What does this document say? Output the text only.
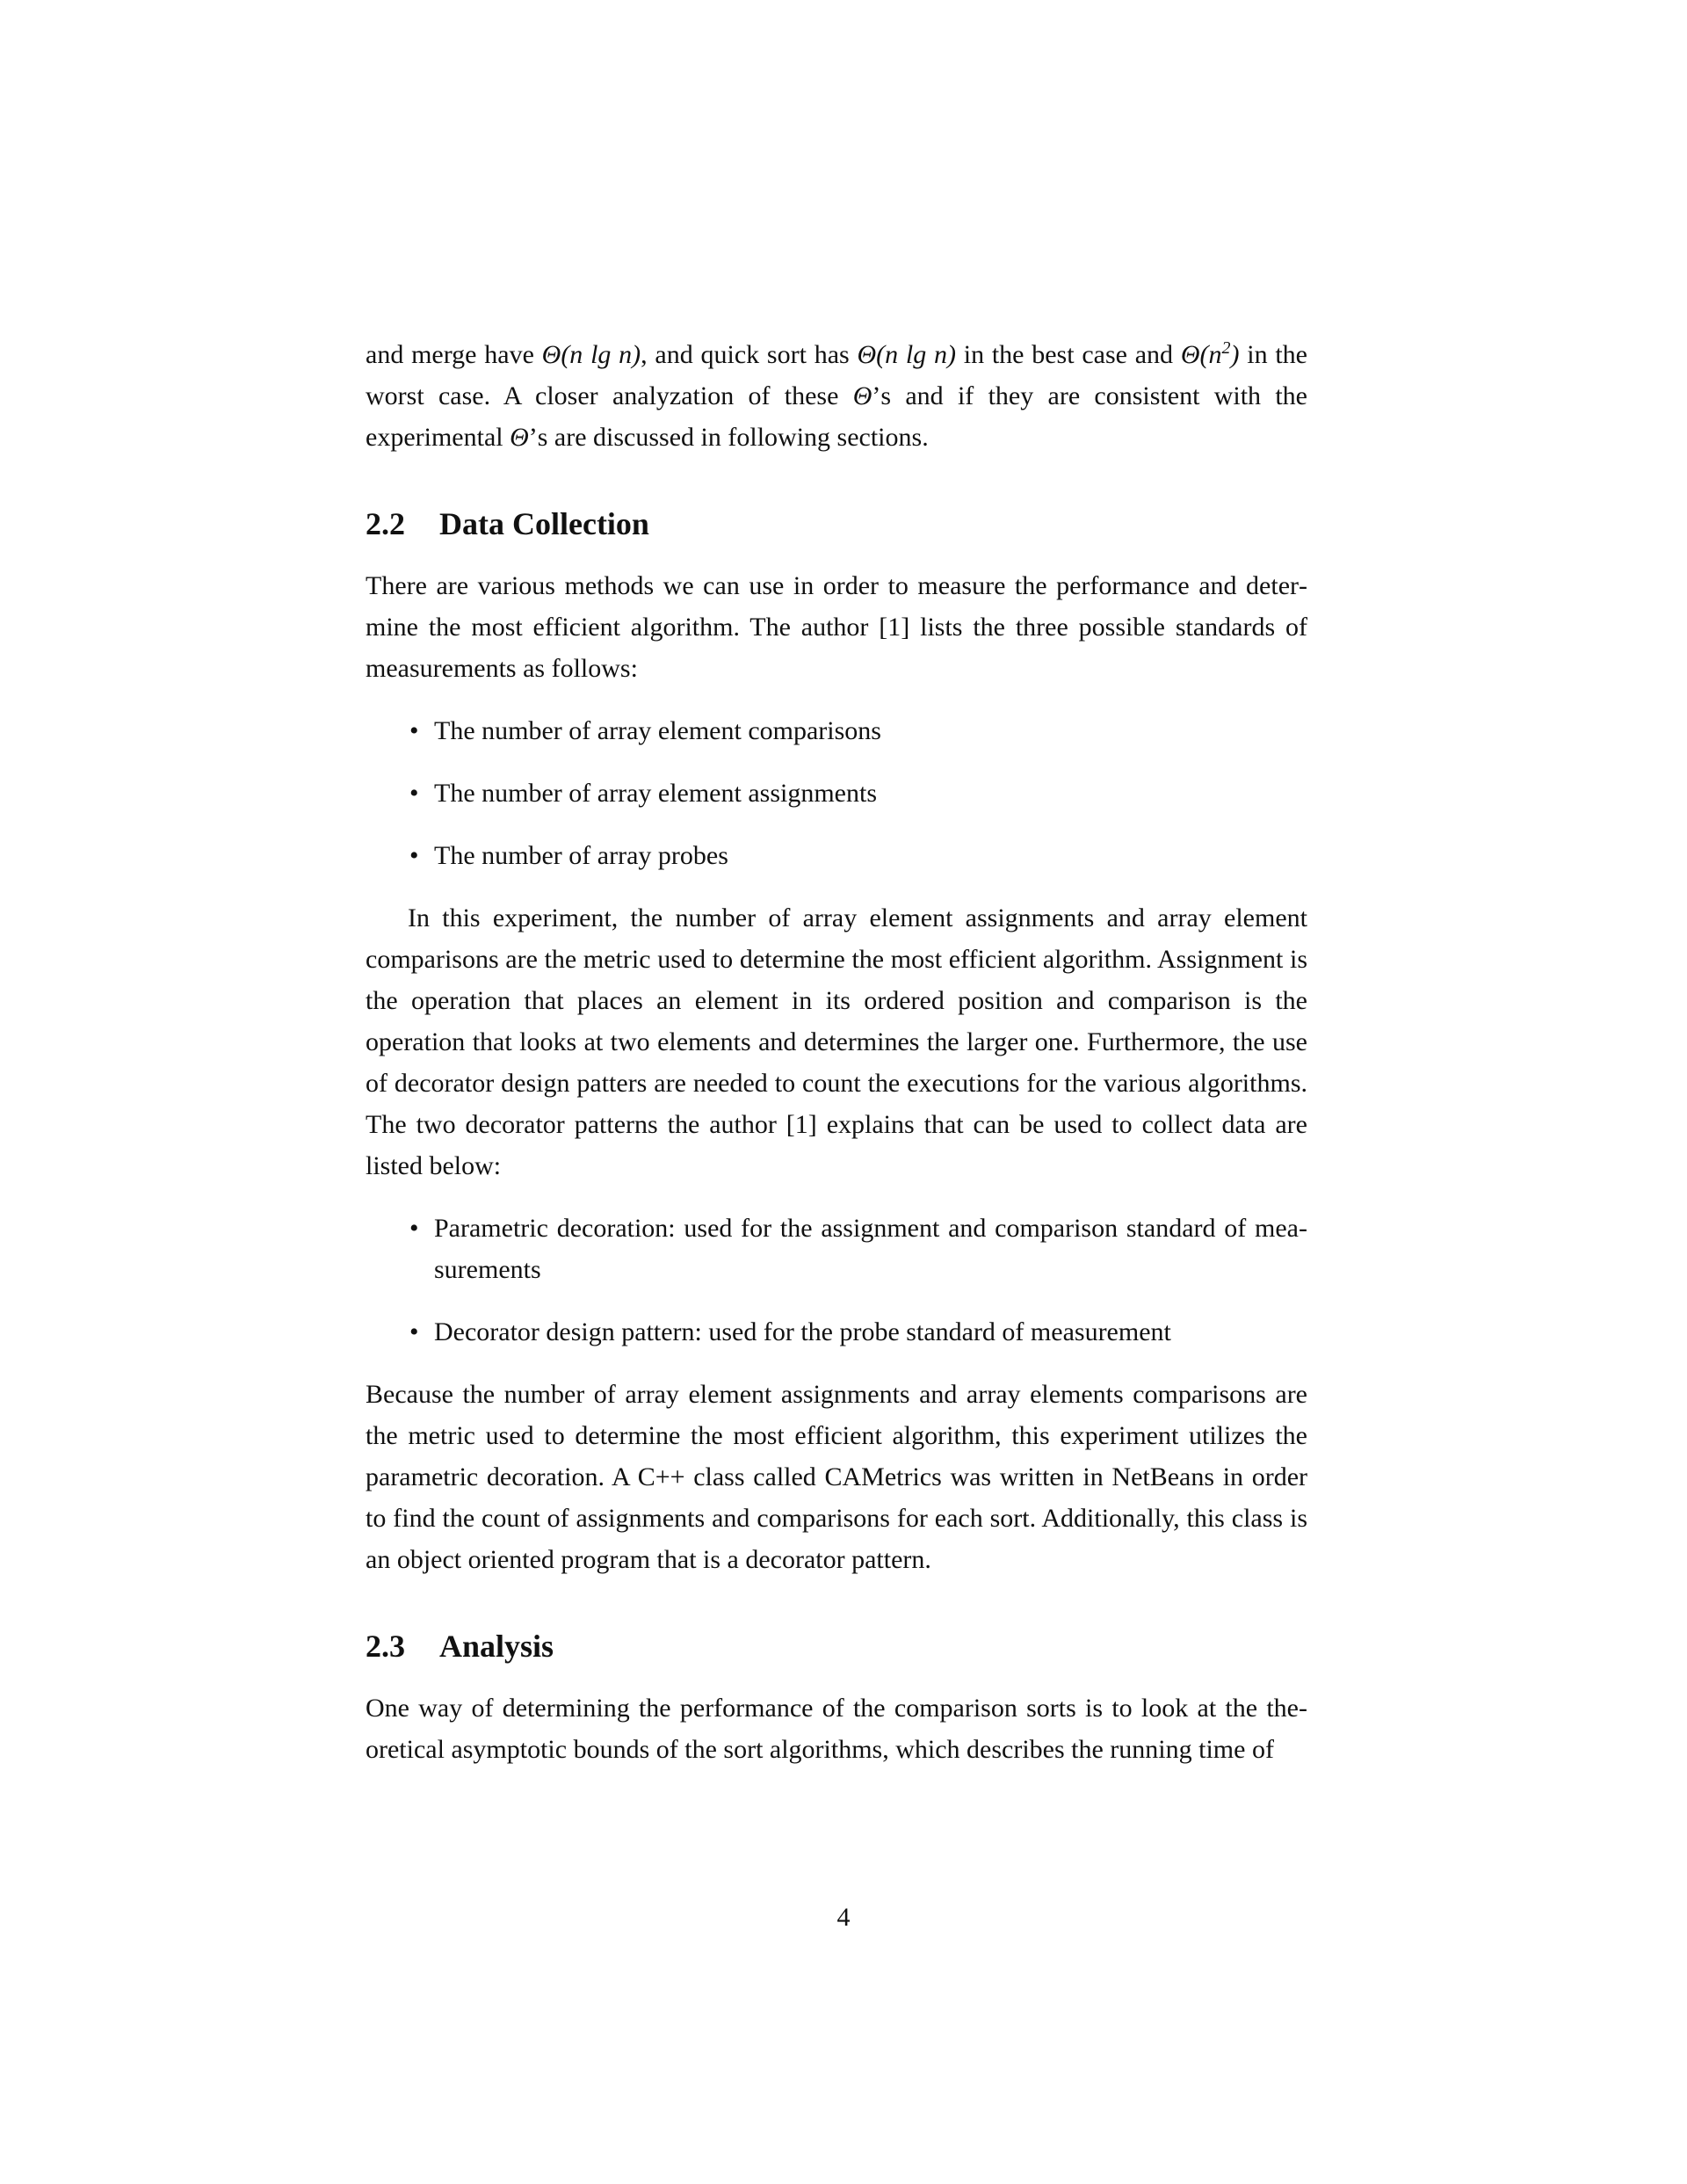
and merge have Θ(n lg n), and quick sort has Θ(n lg n) in the best case and $\Theta(n^2)$ in the worst case. A closer analyzation of these Θ’s and if they are consistent with the experimental Θ’s are discussed in following sections.

2.2 Data Collection

There are various methods we can use in order to measure the performance and determine the most efficient algorithm. The author [1] lists the three possible standards of measurements as follows:

• The number of array element comparisons
• The number of array element assignments
• The number of array probes

In this experiment, the number of array element assignments and array element comparisons are the metric used to determine the most efficient algorithm. Assignment is the operation that places an element in its ordered position and comparison is the operation that looks at two elements and determines the larger one. Furthermore, the use of decorator design patters are needed to count the executions for the various algorithms. The two decorator patterns the author [1] explains that can be used to collect data are listed below:

• Parametric decoration: used for the assignment and comparison standard of measurements
• Decorator design pattern: used for the probe standard of measurement

Because the number of array element assignments and array elements comparisons are the metric used to determine the most efficient algorithm, this experiment utilizes the parametric decoration. A C++ class called CAMetrics was written in NetBeans in order to find the count of assignments and comparisons for each sort. Additionally, this class is an object oriented program that is a decorator pattern.

2.3 Analysis

One way of determining the performance of the comparison sorts is to look at the theoretical asymptotic bounds of the sort algorithms, which describes the running time of

4
